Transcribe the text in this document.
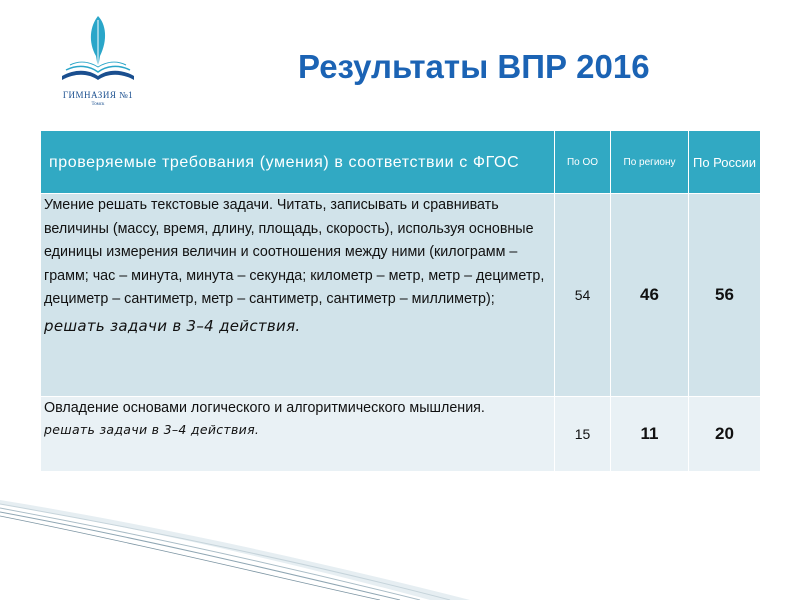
ГИМНАЗИЯ №1
Томск
Результаты ВПР 2016
проверяемые требования (умения) в соответствии с ФГОС	По ОО	По региону	По России

Умение решать текстовые задачи. Читать, записывать и сравнивать величины (массу, время, длину, площадь, скорость), используя основные единицы измерения величин и соотношения между ними (килограмм – грамм; час – минута, минута – секунда; километр – метр, метр – дециметр, дециметр – сантиметр, метр – сантиметр, сантиметр – миллиметр);
решать задачи в 3–4 действия.	54	46	56

Овладение основами логического и алгоритмического мышления.
решать задачи в 3–4 действия.	15	11	20
